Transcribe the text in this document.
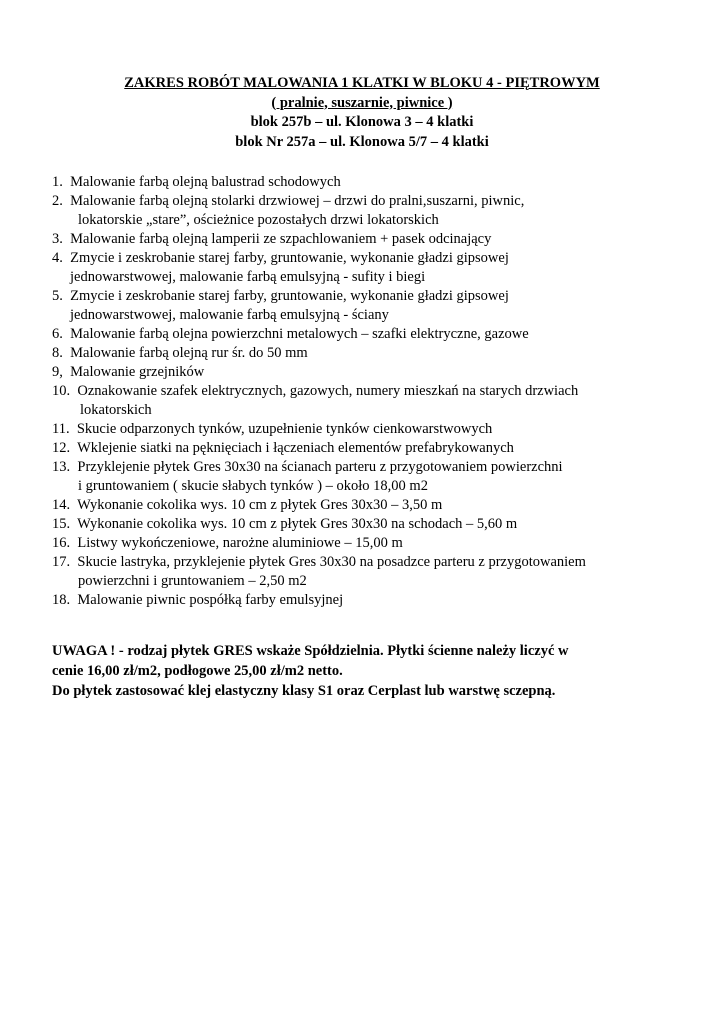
ZAKRES ROBÓT MALOWANIA 1 KLATKI W BLOKU 4 - PIĘTROWYM
( pralnie, suszarnie, piwnice )
blok 257b – ul. Klonowa 3 – 4 klatki
blok Nr 257a – ul. Klonowa 5/7 – 4 klatki
1. Malowanie farbą olejną balustrad schodowych
2. Malowanie farbą olejną stolarki drzwiowej – drzwi do pralni,suszarni, piwnic,
lokatorskie „stare”, ościeżnice pozostałych drzwi lokatorskich
3. Malowanie farbą olejną lamperii ze szpachlowaniem + pasek odcinający
4. Zmycie i zeskrobanie starej farby, gruntowanie, wykonanie gładzi gipsowej
jednowarstwowej, malowanie farbą emulsyjną - sufity i biegi
5. Zmycie i zeskrobanie starej farby, gruntowanie, wykonanie gładzi gipsowej
jednowarstwowej, malowanie farbą emulsyjną - ściany
6. Malowanie farbą olejna powierzchni metalowych – szafki elektryczne, gazowe
8. Malowanie farbą olejną rur śr. do 50 mm
9,  Malowanie grzejników
10. Oznakowanie szafek elektrycznych, gazowych, numery mieszkań na starych drzwiach
lokatorskich
11. Skucie odparzonych tynków, uzupełnienie tynków cienkowarstwowych
12. Wklejenie siatki na pęknięciach i łączeniach elementów prefabrykowanych
13. Przyklejenie płytek Gres 30x30 na ścianach parteru z przygotowaniem powierzchni
i gruntowaniem ( skucie słabych tynków ) – około 18,00 m2
14. Wykonanie cokolika wys. 10 cm z płytek Gres 30x30 – 3,50 m
15. Wykonanie cokolika wys. 10 cm z płytek Gres 30x30 na schodach – 5,60 m
16. Listwy wykończeniowe, narożne aluminiowe – 15,00 m
17. Skucie lastryka, przyklejenie płytek Gres 30x30 na posadzce parteru z przygotowaniem
powierzchni i gruntowaniem – 2,50 m2
18. Malowanie piwnic pospółką farby emulsyjnej
UWAGA ! - rodzaj płytek GRES wskaże Spółdzielnia. Płytki ścienne należy liczyć w
cenie 16,00 zł/m2, podłogowe 25,00 zł/m2 netto.
Do płytek zastosować klej elastyczny klasy S1 oraz Cerplast lub warstwę sczepną.
